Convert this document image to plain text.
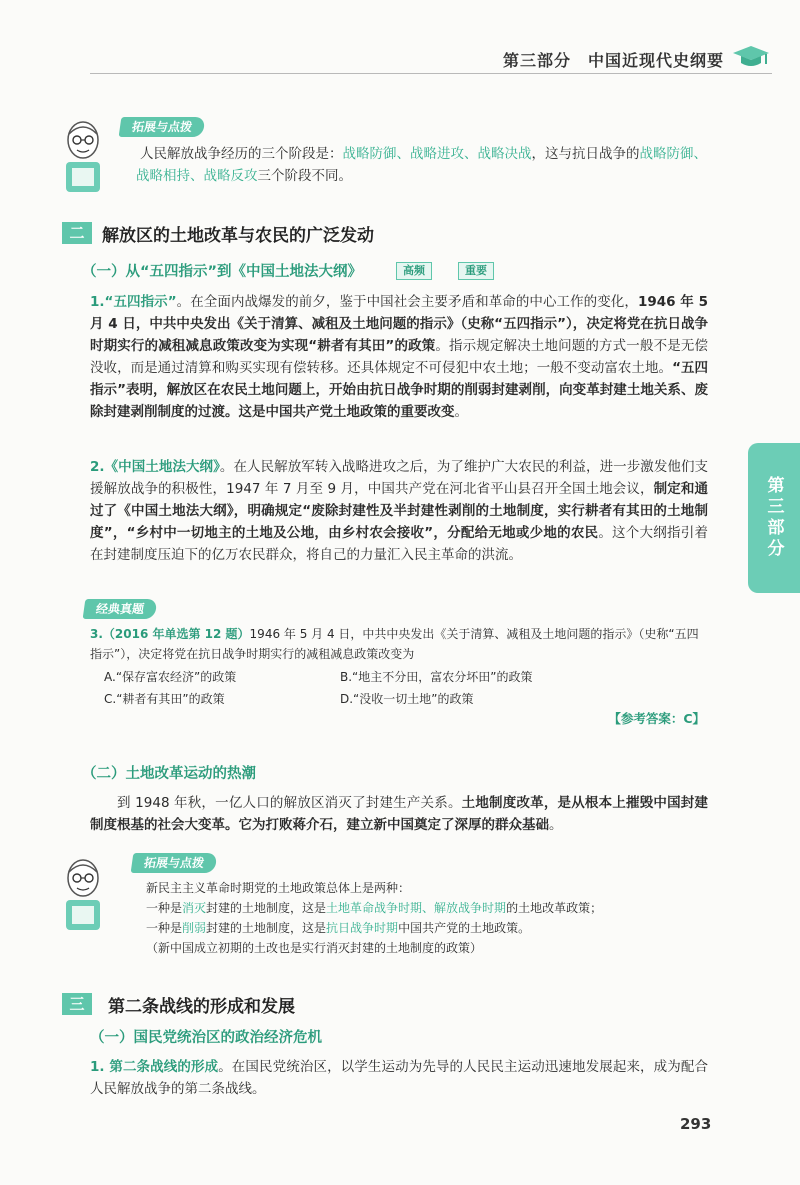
第三部分　中国近现代史纲要
第三部分
拓展与点拨
人民解放战争经历的三个阶段是：战略防御、战略进攻、战略决战，这与抗日战争的战略防御、战略相持、战略反攻三个阶段不同。
二	解放区的土地改革与农民的广泛发动
（一）从“五四指示”到《中国土地法大纲》	高频	重要
1.“五四指示”。在全面内战爆发的前夕，鉴于中国社会主要矛盾和革命的中心工作的变化，1946 年 5 月 4 日，中共中央发出《关于清算、减租及土地问题的指示》（史称“五四指示”），决定将党在抗日战争时期实行的减租减息政策改变为实现“耕者有其田”的政策。指示规定解决土地问题的方式一般不是无偿没收，而是通过清算和购买实现有偿转移。还具体规定不可侵犯中农土地；一般不变动富农土地。“五四指示”表明，解放区在农民土地问题上，开始由抗日战争时期的削弱封建剥削，向变革封建土地关系、废除封建剥削制度的过渡。这是中国共产党土地政策的重要改变。
2.《中国土地法大纲》。在人民解放军转入战略进攻之后，为了维护广大农民的利益，进一步激发他们支援解放战争的积极性，1947 年 7 月至 9 月，中国共产党在河北省平山县召开全国土地会议，制定和通过了《中国土地法大纲》，明确规定“废除封建性及半封建性剥削的土地制度，实行耕者有其田的土地制度”，“乡村中一切地主的土地及公地，由乡村农会接收”，分配给无地或少地的农民。这个大纲指引着在封建制度压迫下的亿万农民群众，将自己的力量汇入民主革命的洪流。
经典真题
3.（2016 年单选第 12 题）1946 年 5 月 4 日，中共中央发出《关于清算、减租及土地问题的指示》（史称“五四指示”），决定将党在抗日战争时期实行的减租减息政策改变为
A.“保存富农经济”的政策	B.“地主不分田，富农分坏田”的政策
C.“耕者有其田”的政策	D.“没收一切土地”的政策
【参考答案：C】
（二）土地改革运动的热潮
到 1948 年秋，一亿人口的解放区消灭了封建生产关系。土地制度改革，是从根本上摧毁中国封建制度根基的社会大变革。它为打败蒋介石，建立新中国奠定了深厚的群众基础。
拓展与点拨
新民主主义革命时期党的土地政策总体上是两种：
一种是消灭封建的土地制度，这是土地革命战争时期、解放战争时期的土地改革政策；
一种是削弱封建的土地制度，这是抗日战争时期中国共产党的土地政策。
（新中国成立初期的土改也是实行消灭封建的土地制度的政策）
三	第二条战线的形成和发展
（一）国民党统治区的政治经济危机
1. 第二条战线的形成。在国民党统治区，以学生运动为先导的人民民主运动迅速地发展起来，成为配合人民解放战争的第二条战线。
293
